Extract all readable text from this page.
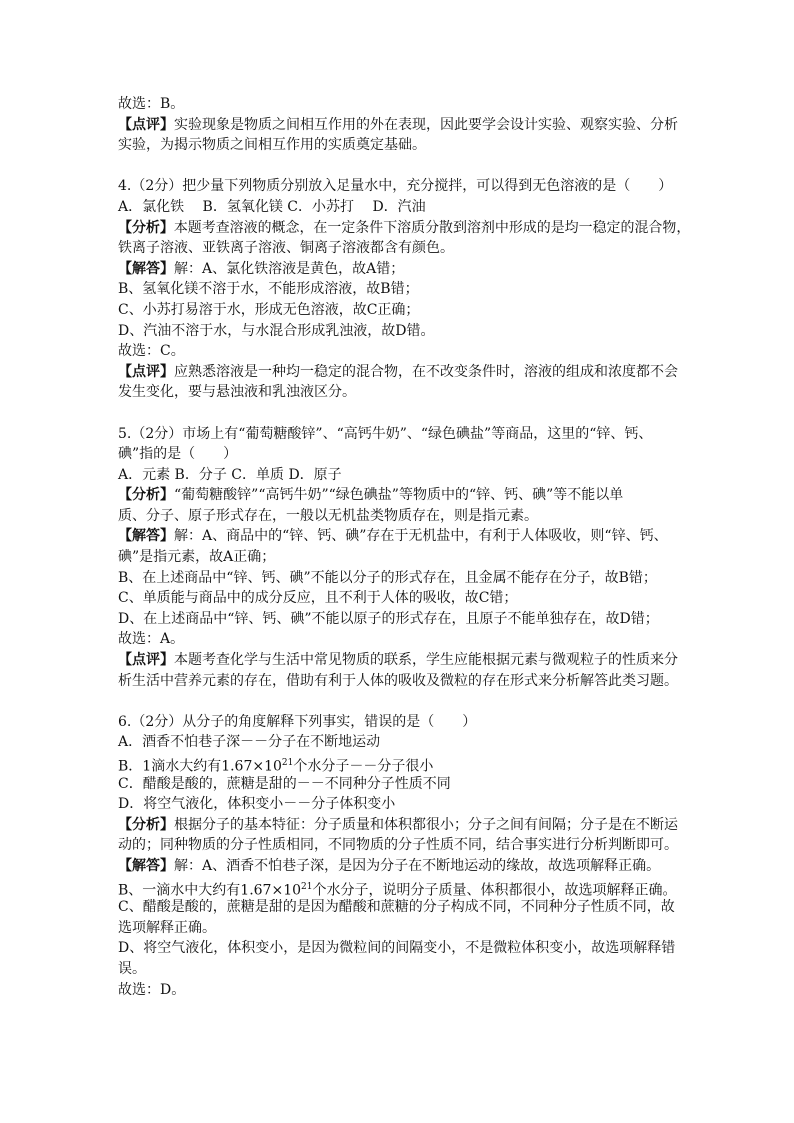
故选：B。
【点评】实验现象是物质之间相互作用的外在表现，因此要学会设计实验、观察实验、分析
实验，为揭示物质之间相互作用的实质奠定基础。
4.（2分）把少量下列物质分别放入足量水中，充分搅拌，可以得到无色溶液的是（　　）
A．氯化铁　 B．氢氧化镁 C．小苏打　 D．汽油
【分析】本题考查溶液的概念，在一定条件下溶质分散到溶剂中形成的是均一稳定的混合物，
铁离子溶液、亚铁离子溶液、铜离子溶液都含有颜色。
【解答】解：A、氯化铁溶液是黄色，故A错；
B、氢氧化镁不溶于水，不能形成溶液，故B错；
C、小苏打易溶于水，形成无色溶液，故C正确；
D、汽油不溶于水，与水混合形成乳浊液，故D错。
故选：C。
【点评】应熟悉溶液是一种均一稳定的混合物，在不改变条件时，溶液的组成和浓度都不会
发生变化，要与悬浊液和乳浊液区分。
5.（2分）市场上有“葡萄糖酸锌”、“高钙牛奶”、“绿色碘盐”等商品，这里的“锌、钙、
碘”指的是（　　）
A．元素 B．分子 C．单质 D．原子
【分析】“葡萄糖酸锌”“高钙牛奶”“绿色碘盐”等物质中的“锌、钙、碘”等不能以单
质、分子、原子形式存在，一般以无机盐类物质存在，则是指元素。
【解答】解：A、商品中的“锌、钙、碘”存在于无机盐中，有利于人体吸收，则“锌、钙、
碘”是指元素，故A正确；
B、在上述商品中“锌、钙、碘”不能以分子的形式存在，且金属不能存在分子，故B错；
C、单质能与商品中的成分反应，且不利于人体的吸收，故C错；
D、在上述商品中“锌、钙、碘”不能以原子的形式存在，且原子不能单独存在，故D错；
故选：A。
【点评】本题考查化学与生活中常见物质的联系，学生应能根据元素与微观粒子的性质来分
析生活中营养元素的存在，借助有利于人体的吸收及微粒的存在形式来分析解答此类习题。
6.（2分）从分子的角度解释下列事实，错误的是（　　）
A．酒香不怕巷子深－－分子在不断地运动
B．1滴水大约有$1.67\times 10^{21}$个水分子－－分子很小
C．醋酸是酸的，蔗糖是甜的－－不同种分子性质不同
D．将空气液化，体积变小－－分子体积变小
【分析】根据分子的基本特征：分子质量和体积都很小；分子之间有间隔；分子是在不断运
动的；同种物质的分子性质相同，不同物质的分子性质不同，结合事实进行分析判断即可。
【解答】解：A、酒香不怕巷子深，是因为分子在不断地运动的缘故，故选项解释正确。
B、一滴水中大约有$1.67\times 10^{21}$个水分子，说明分子质量、体积都很小，故选项解释正确。
C、醋酸是酸的，蔗糖是甜的是因为醋酸和蔗糖的分子构成不同，不同种分子性质不同，故
选项解释正确。
D、将空气液化，体积变小，是因为微粒间的间隔变小，不是微粒体积变小，故选项解释错
误。
故选：D。
